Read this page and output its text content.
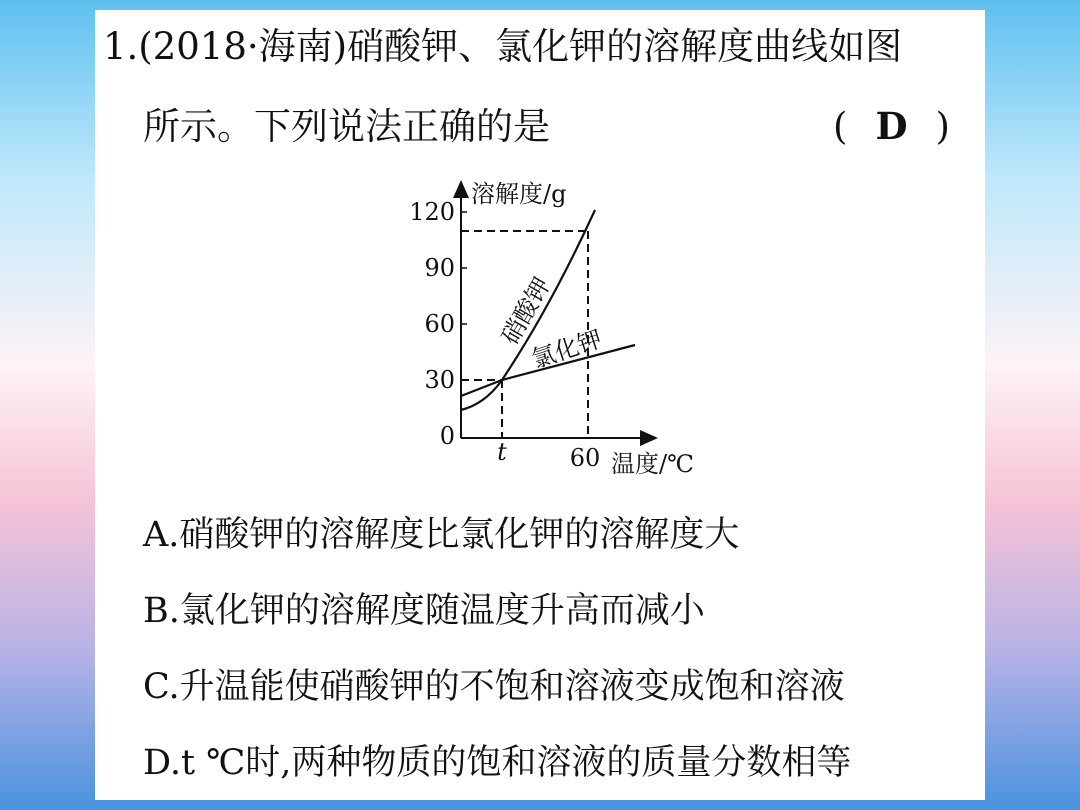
1.(2018·海南)硝酸钾、氯化钾的溶解度曲线如图
所示。下列说法正确的是	( D )
120
90
60
30
0
t	60
溶解度/g
温度/℃
硝酸钾
氯化钾
A.硝酸钾的溶解度比氯化钾的溶解度大
B.氯化钾的溶解度随温度升高而减小
C.升温能使硝酸钾的不饱和溶液变成饱和溶液
D.t ℃时,两种物质的饱和溶液的质量分数相等
